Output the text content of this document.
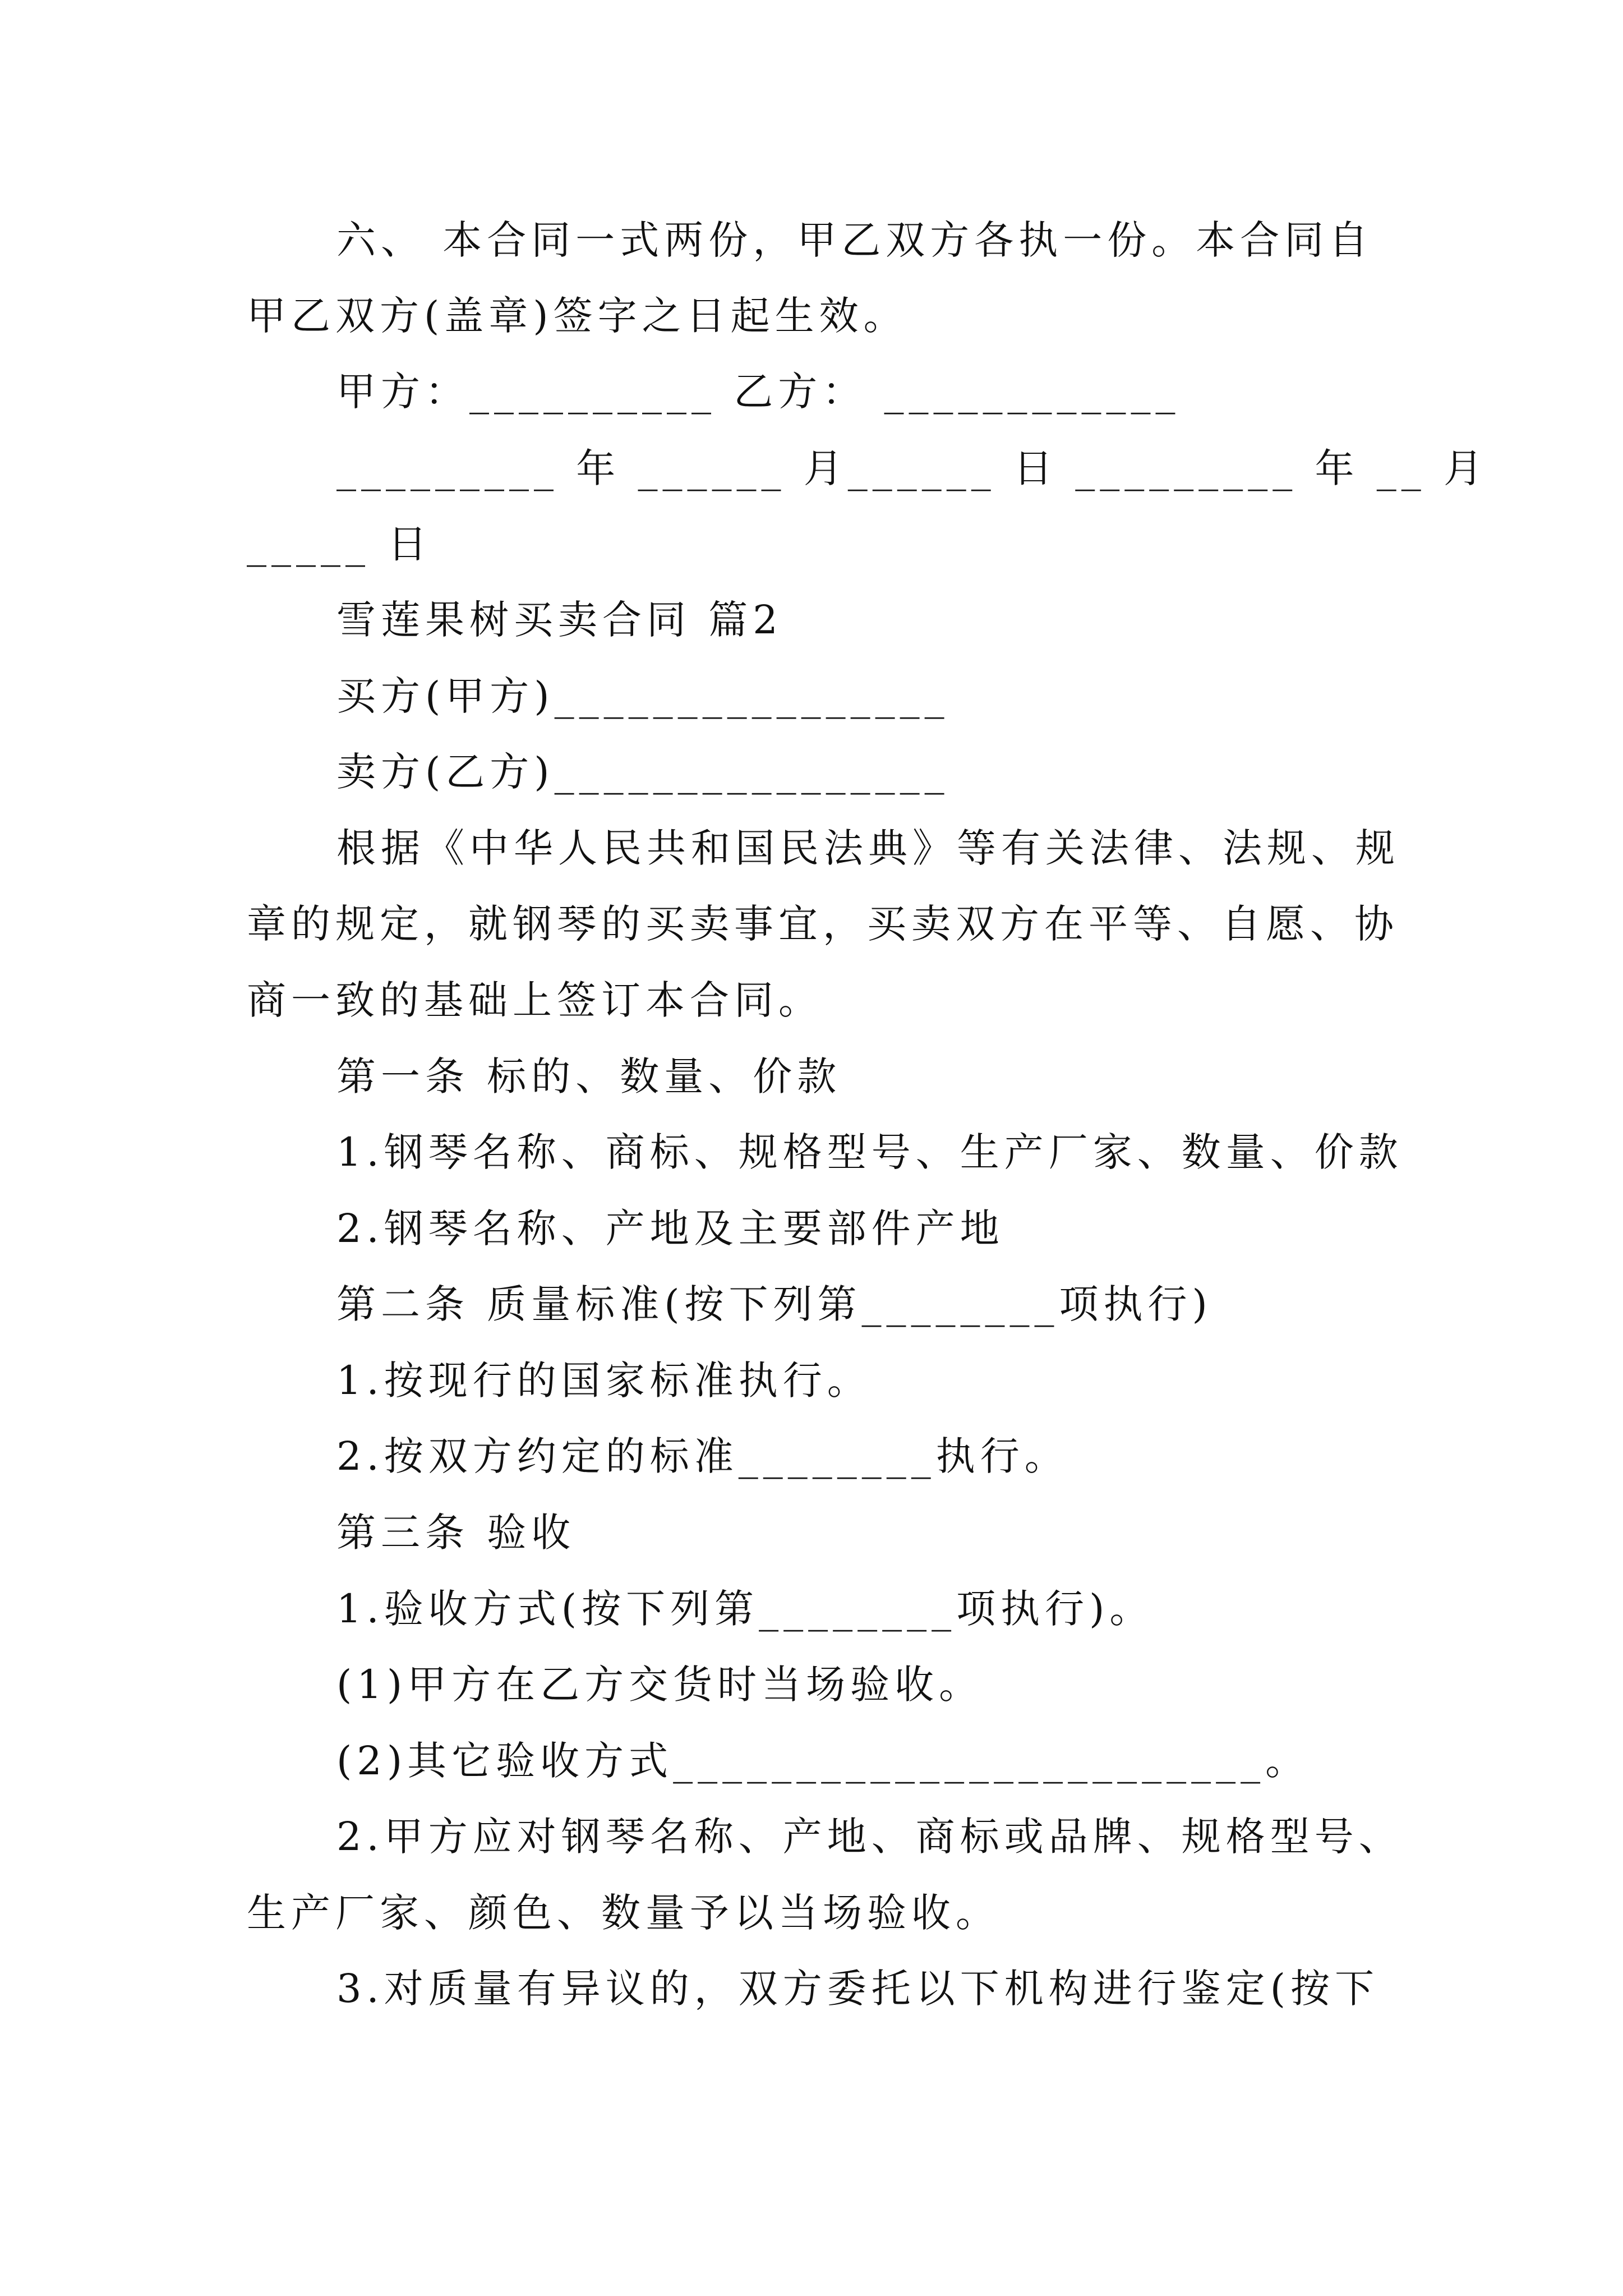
六、 本合同一式两份，甲乙双方各执一份。本合同自
甲乙双方(盖章)签字之日起生效。
甲方：__________ 乙方： ____________
_________ 年 ______ 月______ 日 _________ 年 __ 月
_____ 日
雪莲果树买卖合同 篇2
买方(甲方)________________
卖方(乙方)________________
根据《中华人民共和国民法典》等有关法律、法规、规
章的规定，就钢琴的买卖事宜，买卖双方在平等、自愿、协
商一致的基础上签订本合同。
第一条 标的、数量、价款
1.钢琴名称、商标、规格型号、生产厂家、数量、价款
2.钢琴名称、产地及主要部件产地
第二条 质量标准(按下列第________项执行)
1.按现行的国家标准执行。
2.按双方约定的标准________执行。
第三条 验收
1.验收方式(按下列第________项执行)。
(1)甲方在乙方交货时当场验收。
(2)其它验收方式________________________。
2.甲方应对钢琴名称、产地、商标或品牌、规格型号、
生产厂家、颜色、数量予以当场验收。
3.对质量有异议的，双方委托以下机构进行鉴定(按下
